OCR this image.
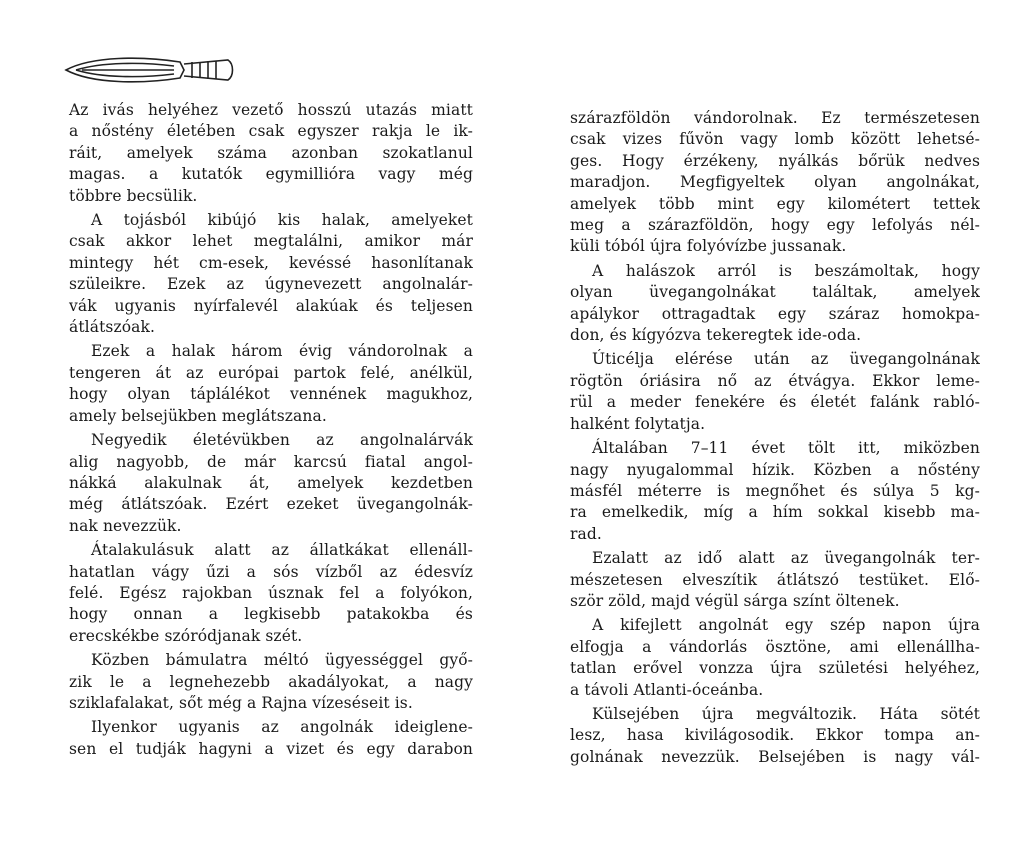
Az ivás helyéhez vezető hosszú utazás miatt
a nőstény életében csak egyszer rakja le ik-
ráit, amelyek száma azonban szokatlanul
magas. a kutatók egymillióra vagy még
többre becsülik.
A tojásból kibújó kis halak, amelyeket
csak akkor lehet megtalálni, amikor már
mintegy hét cm-esek, kevéssé hasonlítanak
szüleikre. Ezek az úgynevezett angolnalár-
vák ugyanis nyírfalevél alakúak és teljesen
átlátszóak.
Ezek a halak három évig vándorolnak a
tengeren át az európai partok felé, anélkül,
hogy olyan táplálékot vennének magukhoz,
amely belsejükben meglátszana.
Negyedik életévükben az angolnalárvák
alig nagyobb, de már karcsú fiatal angol-
nákká alakulnak át, amelyek kezdetben
még átlátszóak. Ezért ezeket üvegangolnák-
nak nevezzük.
Átalakulásuk alatt az állatkákat ellenáll-
hatatlan vágy űzi a sós vízből az édesvíz
felé. Egész rajokban úsznak fel a folyókon,
hogy onnan a legkisebb patakokba és
erecskékbe szóródjanak szét.
Közben bámulatra méltó ügyességgel győ-
zik le a legnehezebb akadályokat, a nagy
sziklafalakat, sőt még a Rajna vízeséseit is.
Ilyenkor ugyanis az angolnák ideiglene-
sen el tudják hagyni a vizet és egy darabon
szárazföldön vándorolnak. Ez természetesen
csak vizes fűvön vagy lomb között lehetsé-
ges. Hogy érzékeny, nyálkás bőrük nedves
maradjon. Megfigyeltek olyan angolnákat,
amelyek több mint egy kilométert tettek
meg a szárazföldön, hogy egy lefolyás nél-
küli tóból újra folyóvízbe jussanak.
A halászok arról is beszámoltak, hogy
olyan üvegangolnákat találtak, amelyek
apálykor ottragadtak egy száraz homokpa-
don, és kígyózva tekeregtek ide-oda.
Úticélja elérése után az üvegangolnának
rögtön óriásira nő az étvágya. Ekkor leme-
rül a meder fenekére és életét falánk rabló-
halként folytatja.
Általában 7–11 évet tölt itt, miközben
nagy nyugalommal hízik. Közben a nőstény
másfél méterre is megnőhet és súlya 5 kg-
ra emelkedik, míg a hím sokkal kisebb ma-
rad.
Ezalatt az idő alatt az üvegangolnák ter-
mészetesen elveszítik átlátszó testüket. Elő-
ször zöld, majd végül sárga színt öltenek.
A kifejlett angolnát egy szép napon újra
elfogja a vándorlás ösztöne, ami ellenállha-
tatlan erővel vonzza újra születési helyéhez,
a távoli Atlanti-óceánba.
Külsejében újra megváltozik. Háta sötét
lesz, hasa kivilágosodik. Ekkor tompa an-
golnának nevezzük. Belsejében is nagy vál-
